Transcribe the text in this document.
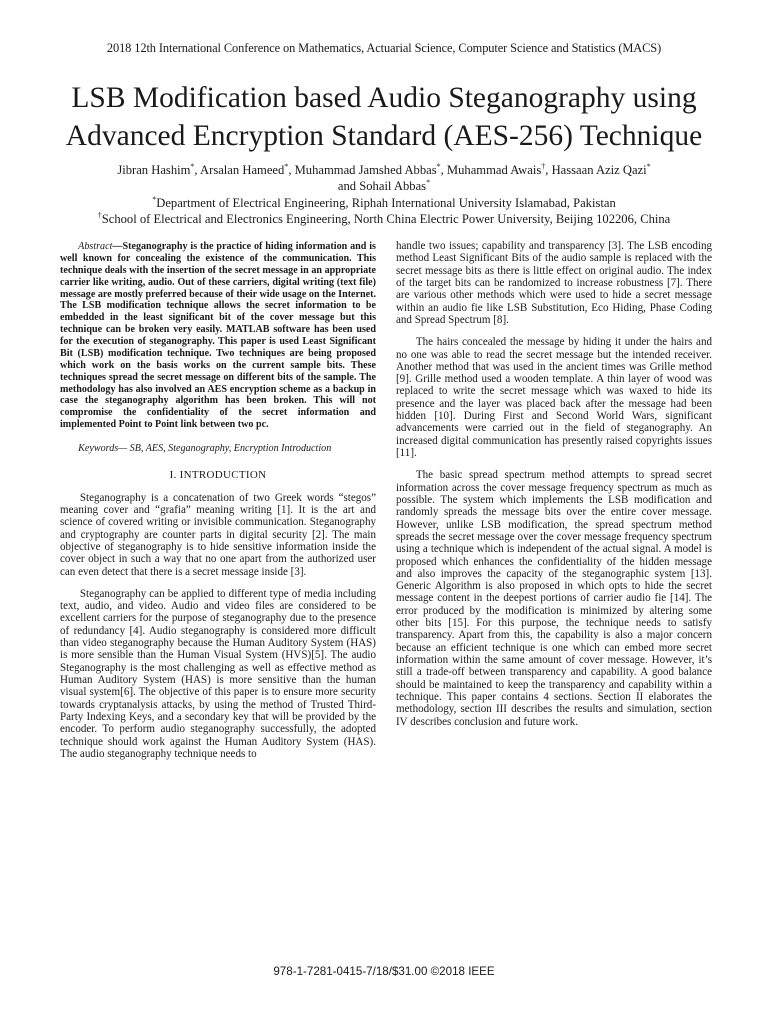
2018 12th International Conference on Mathematics, Actuarial Science, Computer Science and Statistics (MACS)
LSB Modification based Audio Steganography using
Advanced Encryption Standard (AES-256) Technique
Jibran Hashim*, Arsalan Hameed*, Muhammad Jamshed Abbas*, Muhammad Awais†, Hassaan Aziz Qazi*
and Sohail Abbas*
*Department of Electrical Engineering, Riphah International University Islamabad, Pakistan
†School of Electrical and Electronics Engineering, North China Electric Power University, Beijing 102206, China

Abstract—Steganography is the practice of hiding information and is well known for concealing the existence of the communication. This technique deals with the insertion of the secret message in an appropriate carrier like writing, audio. Out of these carriers, digital writing (text file) message are mostly preferred because of their wide usage on the Internet. The LSB modification technique allows the secret information to be embedded in the least significant bit of the cover message but this technique can be broken very easily. MATLAB software has been used for the execution of steganography. This paper is used Least Significant Bit (LSB) modification technique. Two techniques are being proposed which work on the basis works on the current sample bits. These techniques spread the secret message on different bits of the sample. The methodology has also involved an AES encryption scheme as a backup in case the steganography algorithm has been broken. This will not compromise the confidentiality of the secret information and implemented Point to Point link between two pc.

Keywords— SB, AES, Steganography, Encryption Introduction

I. INTRODUCTION

Steganography is a concatenation of two Greek words “stegos” meaning cover and “grafia” meaning writing [1]. It is the art and science of covered writing or invisible communication. Steganography and cryptography are counter parts in digital security [2]. The main objective of steganography is to hide sensitive information inside the cover object in such a way that no one apart from the authorized user can even detect that there is a secret message inside [3].

Steganography can be applied to different type of media including text, audio, and video. Audio and video files are considered to be excellent carriers for the purpose of steganography due to the presence of redundancy [4]. Audio steganography is considered more difficult than video steganography because the Human Auditory System (HAS) is more sensible than the Human Visual System (HVS)[5]. The audio Steganography is the most challenging as well as effective method as Human Auditory System (HAS) is more sensitive than the human visual system[6]. The objective of this paper is to ensure more security towards cryptanalysis attacks, by using the method of Trusted Third-Party Indexing Keys, and a secondary key that will be provided by the encoder. To perform audio steganography successfully, the adopted technique should work against the Human Auditory System (HAS). The audio steganography technique needs to

handle two issues; capability and transparency [3]. The LSB encoding method Least Significant Bits of the audio sample is replaced with the secret message bits as there is little effect on original audio. The index of the target bits can be randomized to increase robustness [7]. There are various other methods which were used to hide a secret message within an audio fie like LSB Substitution, Eco Hiding, Phase Coding and Spread Spectrum [8].

The hairs concealed the message by hiding it under the hairs and no one was able to read the secret message but the intended receiver. Another method that was used in the ancient times was Grille method [9]. Grille method used a wooden template. A thin layer of wood was replaced to write the secret message which was waxed to hide its presence and the layer was placed back after the message had been hidden [10]. During First and Second World Wars, significant advancements were carried out in the field of steganography. An increased digital communication has presently raised copyrights issues [11].

The basic spread spectrum method attempts to spread secret information across the cover message frequency spectrum as much as possible. The system which implements the LSB modification and randomly spreads the message bits over the entire cover message. However, unlike LSB modification, the spread spectrum method spreads the secret message over the cover message frequency spectrum using a technique which is independent of the actual signal. A model is proposed which enhances the confidentiality of the hidden message and also improves the capacity of the steganographic system [13]. Generic Algorithm is also proposed in which opts to hide the secret message content in the deepest portions of carrier audio fie [14]. The error produced by the modification is minimized by altering some other bits [15]. For this purpose, the technique needs to satisfy transparency. Apart from this, the capability is also a major concern because an efficient technique is one which can embed more secret information within the same amount of cover message. However, it’s still a trade-off between transparency and capability. A good balance should be maintained to keep the transparency and capability within a technique. This paper contains 4 sections. Section II elaborates the methodology, section III describes the results and simulation, section IV describes conclusion and future work.

978-1-7281-0415-7/18/$31.00 ©2018 IEEE
